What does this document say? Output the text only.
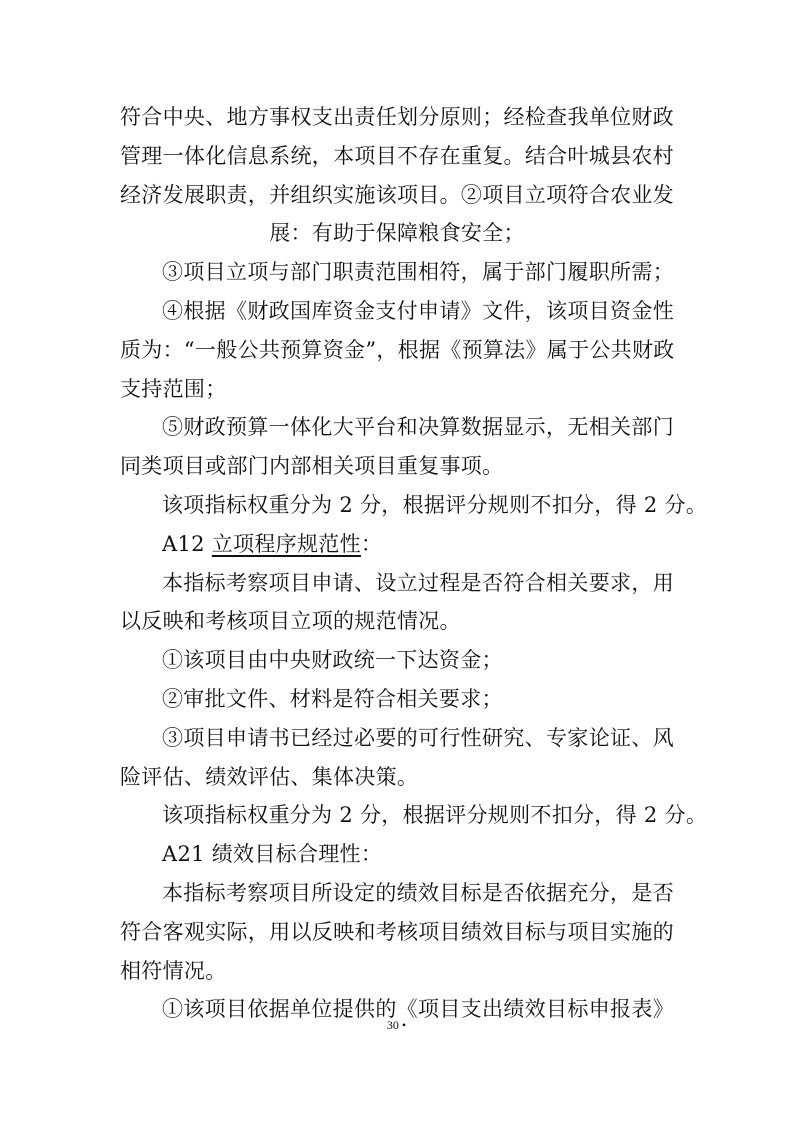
符合中央、地方事权支出责任划分原则；经检查我单位财政
管理一体化信息系统，本项目不存在重复。结合叶城县农村
经济发展职责，并组织实施该项目。②项目立项符合农业发
展：有助于保障粮食安全；
③项目立项与部门职责范围相符，属于部门履职所需；
④根据《财政国库资金支付申请》文件，该项目资金性
质为：“一般公共预算资金”，根据《预算法》属于公共财政
支持范围；
⑤财政预算一体化大平台和决算数据显示，无相关部门
同类项目或部门内部相关项目重复事项。
该项指标权重分为 2 分，根据评分规则不扣分，得 2 分。
A12 立项程序规范性：
本指标考察项目申请、设立过程是否符合相关要求，用
以反映和考核项目立项的规范情况。
①该项目由中央财政统一下达资金；
②审批文件、材料是符合相关要求；
③项目申请书已经过必要的可行性研究、专家论证、风
险评估、绩效评估、集体决策。
该项指标权重分为 2 分，根据评分规则不扣分，得 2 分。
A21 绩效目标合理性：
本指标考察项目所设定的绩效目标是否依据充分，是否
符合客观实际，用以反映和考核项目绩效目标与项目实施的
相符情况。
①该项目依据单位提供的《项目支出绩效目标申报表》
30 •
